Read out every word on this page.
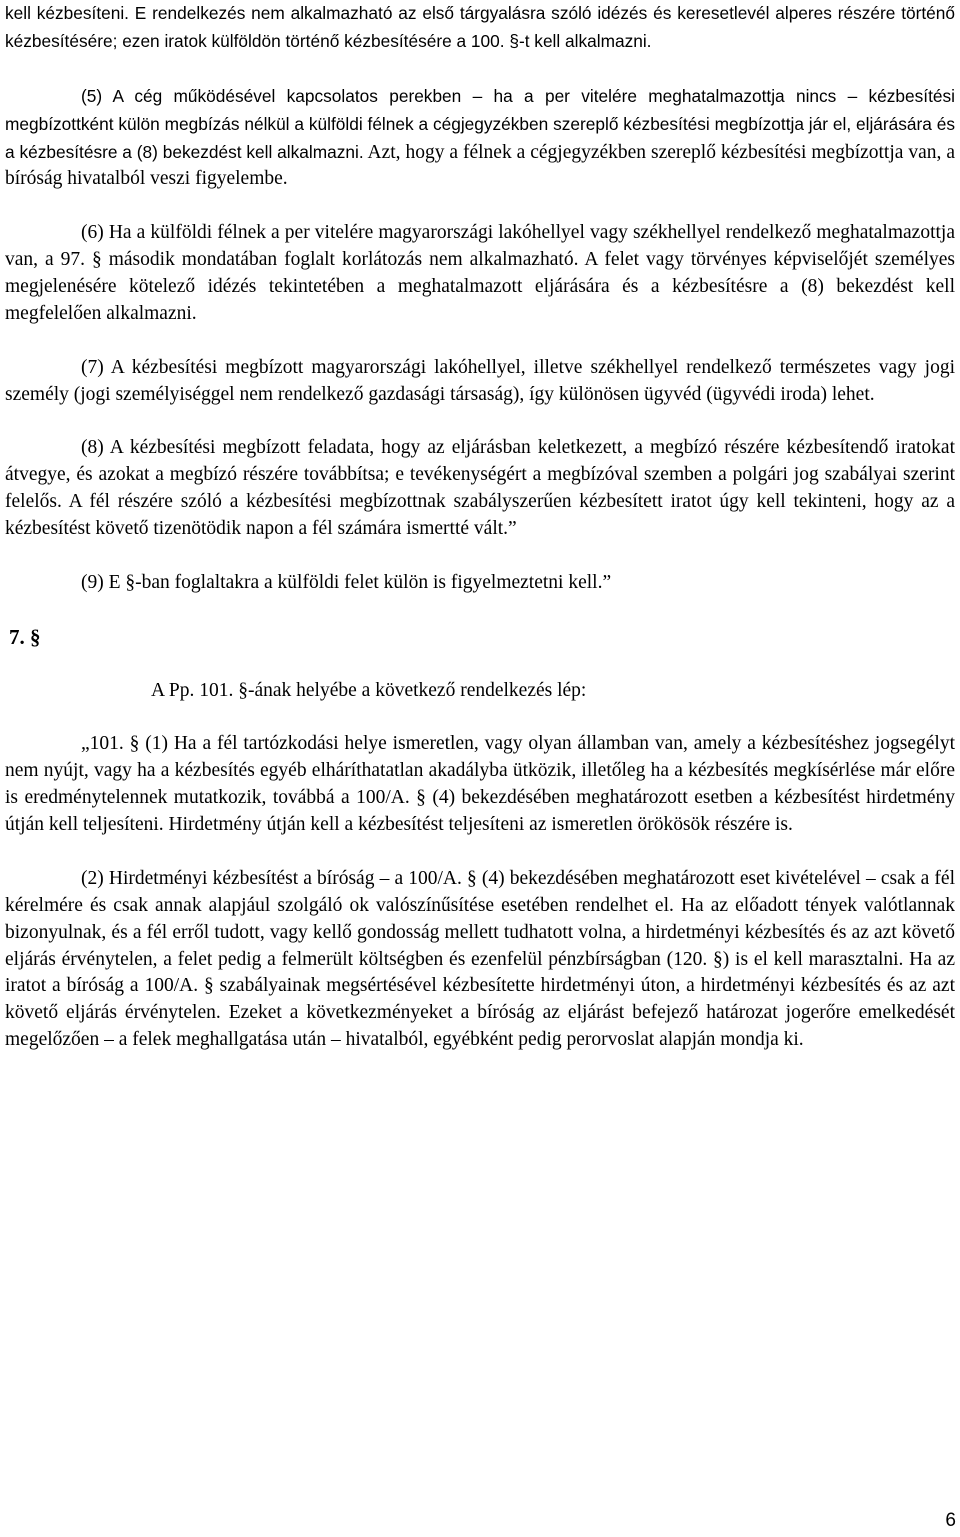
kell kézbesíteni. E rendelkezés nem alkalmazható az első tárgyalásra szóló idézés és keresetlevél alperes részére történő kézbesítésére; ezen iratok külföldön történő kézbesítésére a 100. §-t kell alkalmazni.

(5) A cég működésével kapcsolatos perekben – ha a per vitelére meghatalmazottja nincs – kézbesítési megbízottként külön megbízás nélkül a külföldi félnek a cégjegyzékben szereplő kézbesítési megbízottja jár el, eljárására és a kézbesítésre a (8) bekezdést kell alkalmazni. Azt, hogy a félnek a cégjegyzékben szereplő kézbesítési megbízottja van, a bíróság hivatalból veszi figyelembe.

(6) Ha a külföldi félnek a per vitelére magyarországi lakóhellyel vagy székhellyel rendelkező meghatalmazottja van, a 97. § második mondatában foglalt korlátozás nem alkalmazható. A felet vagy törvényes képviselőjét személyes megjelenésére kötelező idézés tekintetében a meghatalmazott eljárására és a kézbesítésre a (8) bekezdést kell megfelelően alkalmazni.

(7) A kézbesítési megbízott magyarországi lakóhellyel, illetve székhellyel rendelkező természetes vagy jogi személy (jogi személyiséggel nem rendelkező gazdasági társaság), így különösen ügyvéd (ügyvédi iroda) lehet.

(8) A kézbesítési megbízott feladata, hogy az eljárásban keletkezett, a megbízó részére kézbesítendő iratokat átvegye, és azokat a megbízó részére továbbítsa; e tevékenységért a megbízóval szemben a polgári jog szabályai szerint felelős. A fél részére szóló a kézbesítési megbízottnak szabályszerűen kézbesített iratot úgy kell tekinteni, hogy az a kézbesítést követő tizenötödik napon a fél számára ismertté vált.”

(9) E §-ban foglaltakra a külföldi felet külön is figyelmeztetni kell.”

7. §

A Pp. 101. §-ának helyébe a következő rendelkezés lép:

„101. § (1) Ha a fél tartózkodási helye ismeretlen, vagy olyan államban van, amely a kézbesítéshez jogsegélyt nem nyújt, vagy ha a kézbesítés egyéb elháríthatatlan akadályba ütközik, illetőleg ha a kézbesítés megkísérlése már előre is eredménytelennek mutatkozik, továbbá a 100/A. § (4) bekezdésében meghatározott esetben a kézbesítést hirdetmény útján kell teljesíteni. Hirdetmény útján kell a kézbesítést teljesíteni az ismeretlen örökösök részére is.

(2) Hirdetményi kézbesítést a bíróság – a 100/A. § (4) bekezdésében meghatározott eset kivételével – csak a fél kérelmére és csak annak alapjául szolgáló ok valószínűsítése esetében rendelhet el. Ha az előadott tények valótlannak bizonyulnak, és a fél erről tudott, vagy kellő gondosság mellett tudhatott volna, a hirdetményi kézbesítés és az azt követő eljárás érvénytelen, a felet pedig a felmerült költségben és ezenfelül pénzbírságban (120. §) is el kell marasztalni. Ha az iratot a bíróság a 100/A. § szabályainak megsértésével kézbesítette hirdetményi úton, a hirdetményi kézbesítés és az azt követő eljárás érvénytelen. Ezeket a következményeket a bíróság az eljárást befejező határozat jogerőre emelkedését megelőzően – a felek meghallgatása után – hivatalból, egyébként pedig perorvoslat alapján mondja ki.

6
